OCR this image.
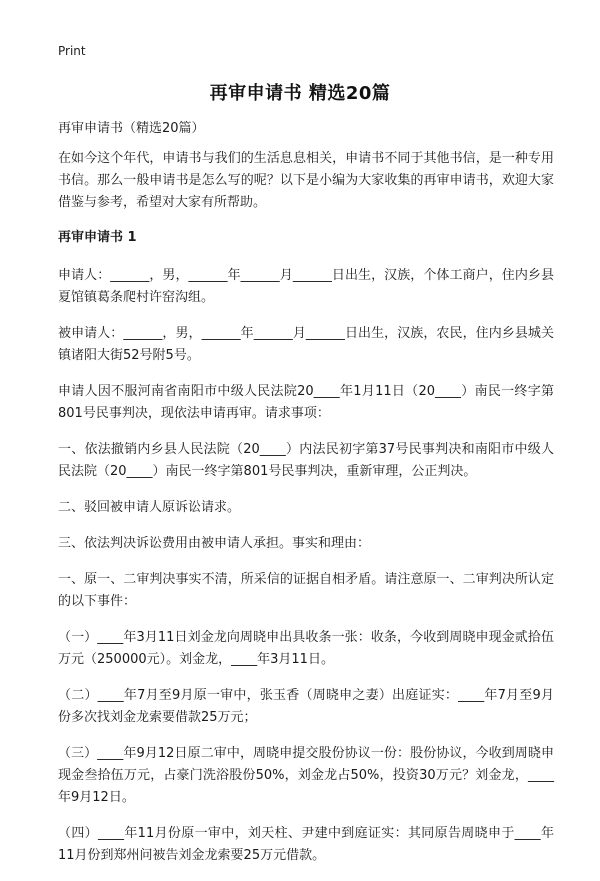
Print
再审申请书 精选20篇

再审申请书（精选20篇）

在如今这个年代，申请书与我们的生活息息相关，申请书不同于其他书信，是一种专用书信。那么一般申请书是怎么写的呢？以下是小编为大家收集的再审申请书，欢迎大家借鉴与参考，希望对大家有所帮助。

再审申请书 1

申请人：______，男，______年______月______日出生，汉族，个体工商户，住内乡县夏馆镇葛条爬村许窑沟组。

被申请人：______，男，______年______月______日出生，汉族，农民，住内乡县城关镇诸阳大街52号附5号。

申请人因不服河南省南阳市中级人民法院20____年1月11日（20____）南民一终字第801号民事判决，现依法申请再审。请求事项：

一、依法撤销内乡县人民法院（20____）内法民初字第37号民事判决和南阳市中级人民法院（20____）南民一终字第801号民事判决，重新审理，公正判决。

二、驳回被申请人原诉讼请求。

三、依法判决诉讼费用由被申请人承担。事实和理由：

一、原一、二审判决事实不清，所采信的证据自相矛盾。请注意原一、二审判决所认定的以下事件：

（一）____年3月11日刘金龙向周晓申出具收条一张：收条，今收到周晓申现金贰拾伍万元（250000元）。刘金龙，____年3月11日。

（二）____年7月至9月原一审中，张玉香（周晓申之妻）出庭证实：____年7月至9月份多次找刘金龙索要借款25万元；

（三）____年9月12日原二审中，周晓申提交股份协议一份：股份协议，今收到周晓申现金叁拾伍万元，占豪门洗浴股份50%，刘金龙占50%，投资30万元？刘金龙，____年9月12日。

（四）____年11月份原一审中，刘天柱、尹建中到庭证实：其同原告周晓申于____年11月份到郑州问被告刘金龙索要25万元借款。
